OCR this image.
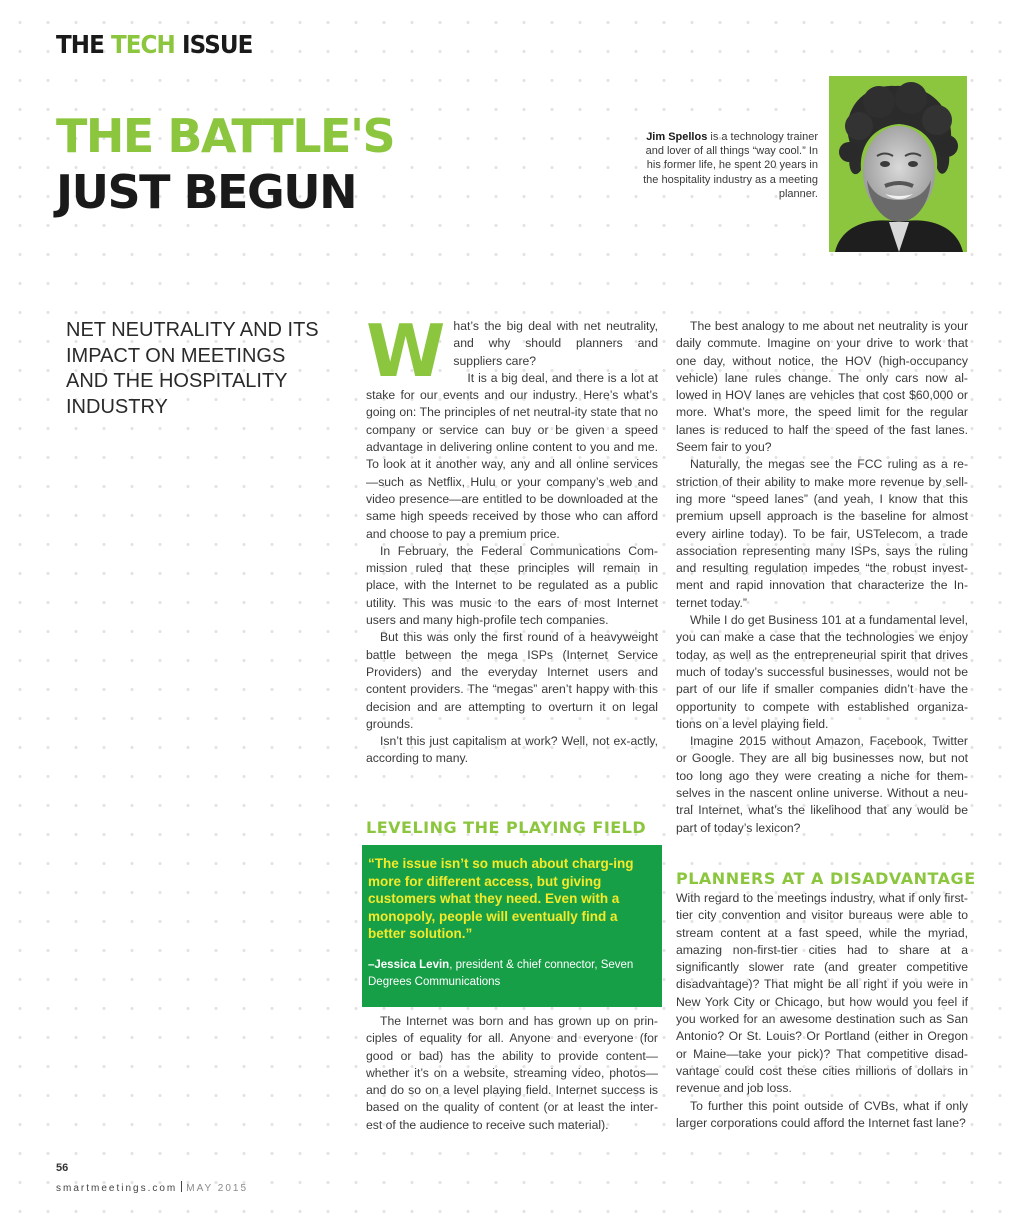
THE TECH ISSUE
THE BATTLE'S
JUST BEGUN

Jim Spellos is a technology trainer and lover of all things “way cool.” In his former life, he spent 20 years in the hospitality industry as a meeting planner.

NET NEUTRALITY AND ITS IMPACT ON MEETINGS AND THE HOSPITALITY INDUSTRY

W hat’s the big deal with net neutrality, and why should planners and suppliers care?

It is a big deal, and there is a lot at stake for our events and our industry. Here’s what’s going on: The principles of net neutral-ity state that no company or service can buy or be given a speed advantage in delivering online content to you and me. To look at it another way, any and all online services—such as Netflix, Hulu or your company’s web and video presence—are entitled to be downloaded at the same high speeds received by those who can afford and choose to pay a premium price.

In February, the Federal Communications Com-mission ruled that these principles will remain in place, with the Internet to be regulated as a public utility. This was music to the ears of most Internet users and many high-profile tech companies.

But this was only the first round of a heavyweight battle between the mega ISPs (Internet Service Providers) and the everyday Internet users and content providers. The “megas” aren’t happy with this decision and are attempting to overturn it on legal grounds.

Isn’t this just capitalism at work? Well, not ex-actly, according to many.

LEVELING THE PLAYING FIELD

“The issue isn’t so much about charg-ing more for different access, but giving customers what they need. Even with a monopoly, people will eventually find a better solution.”

–Jessica Levin, president & chief connector, Seven Degrees Communications

The Internet was born and has grown up on prin-ciples of equality for all. Anyone and everyone (for good or bad) has the ability to provide content—whether it’s on a website, streaming video, photos—and do so on a level playing field. Internet success is based on the quality of content (or at least the inter-est of the audience to receive such material).

The best analogy to me about net neutrality is your daily commute. Imagine on your drive to work that one day, without notice, the HOV (high-occupancy vehicle) lane rules change. The only cars now al-lowed in HOV lanes are vehicles that cost $60,000 or more. What’s more, the speed limit for the regular lanes is reduced to half the speed of the fast lanes. Seem fair to you?

Naturally, the megas see the FCC ruling as a re-striction of their ability to make more revenue by sell-ing more “speed lanes” (and yeah, I know that this premium upsell approach is the baseline for almost every airline today). To be fair, USTelecom, a trade association representing many ISPs, says the ruling and resulting regulation impedes “the robust invest-ment and rapid innovation that characterize the In-ternet today.”

While I do get Business 101 at a fundamental level, you can make a case that the technologies we enjoy today, as well as the entrepreneurial spirit that drives much of today’s successful businesses, would not be part of our life if smaller companies didn’t have the opportunity to compete with established organiza-tions on a level playing field.

Imagine 2015 without Amazon, Facebook, Twitter or Google. They are all big businesses now, but not too long ago they were creating a niche for them-selves in the nascent online universe. Without a neu-tral Internet, what’s the likelihood that any would be part of today’s lexicon?

PLANNERS AT A DISADVANTAGE

With regard to the meetings industry, what if only first-tier city convention and visitor bureaus were able to stream content at a fast speed, while the myriad, amazing non-first-tier cities had to share at a significantly slower rate (and greater competitive disadvantage)? That might be all right if you were in New York City or Chicago, but how would you feel if you worked for an awesome destination such as San Antonio? Or St. Louis? Or Portland (either in Oregon or Maine—take your pick)? That competitive disad-vantage could cost these cities millions of dollars in revenue and job loss.

To further this point outside of CVBs, what if only larger corporations could afford the Internet fast lane?

56

smartmeetings.com MAY 2015
